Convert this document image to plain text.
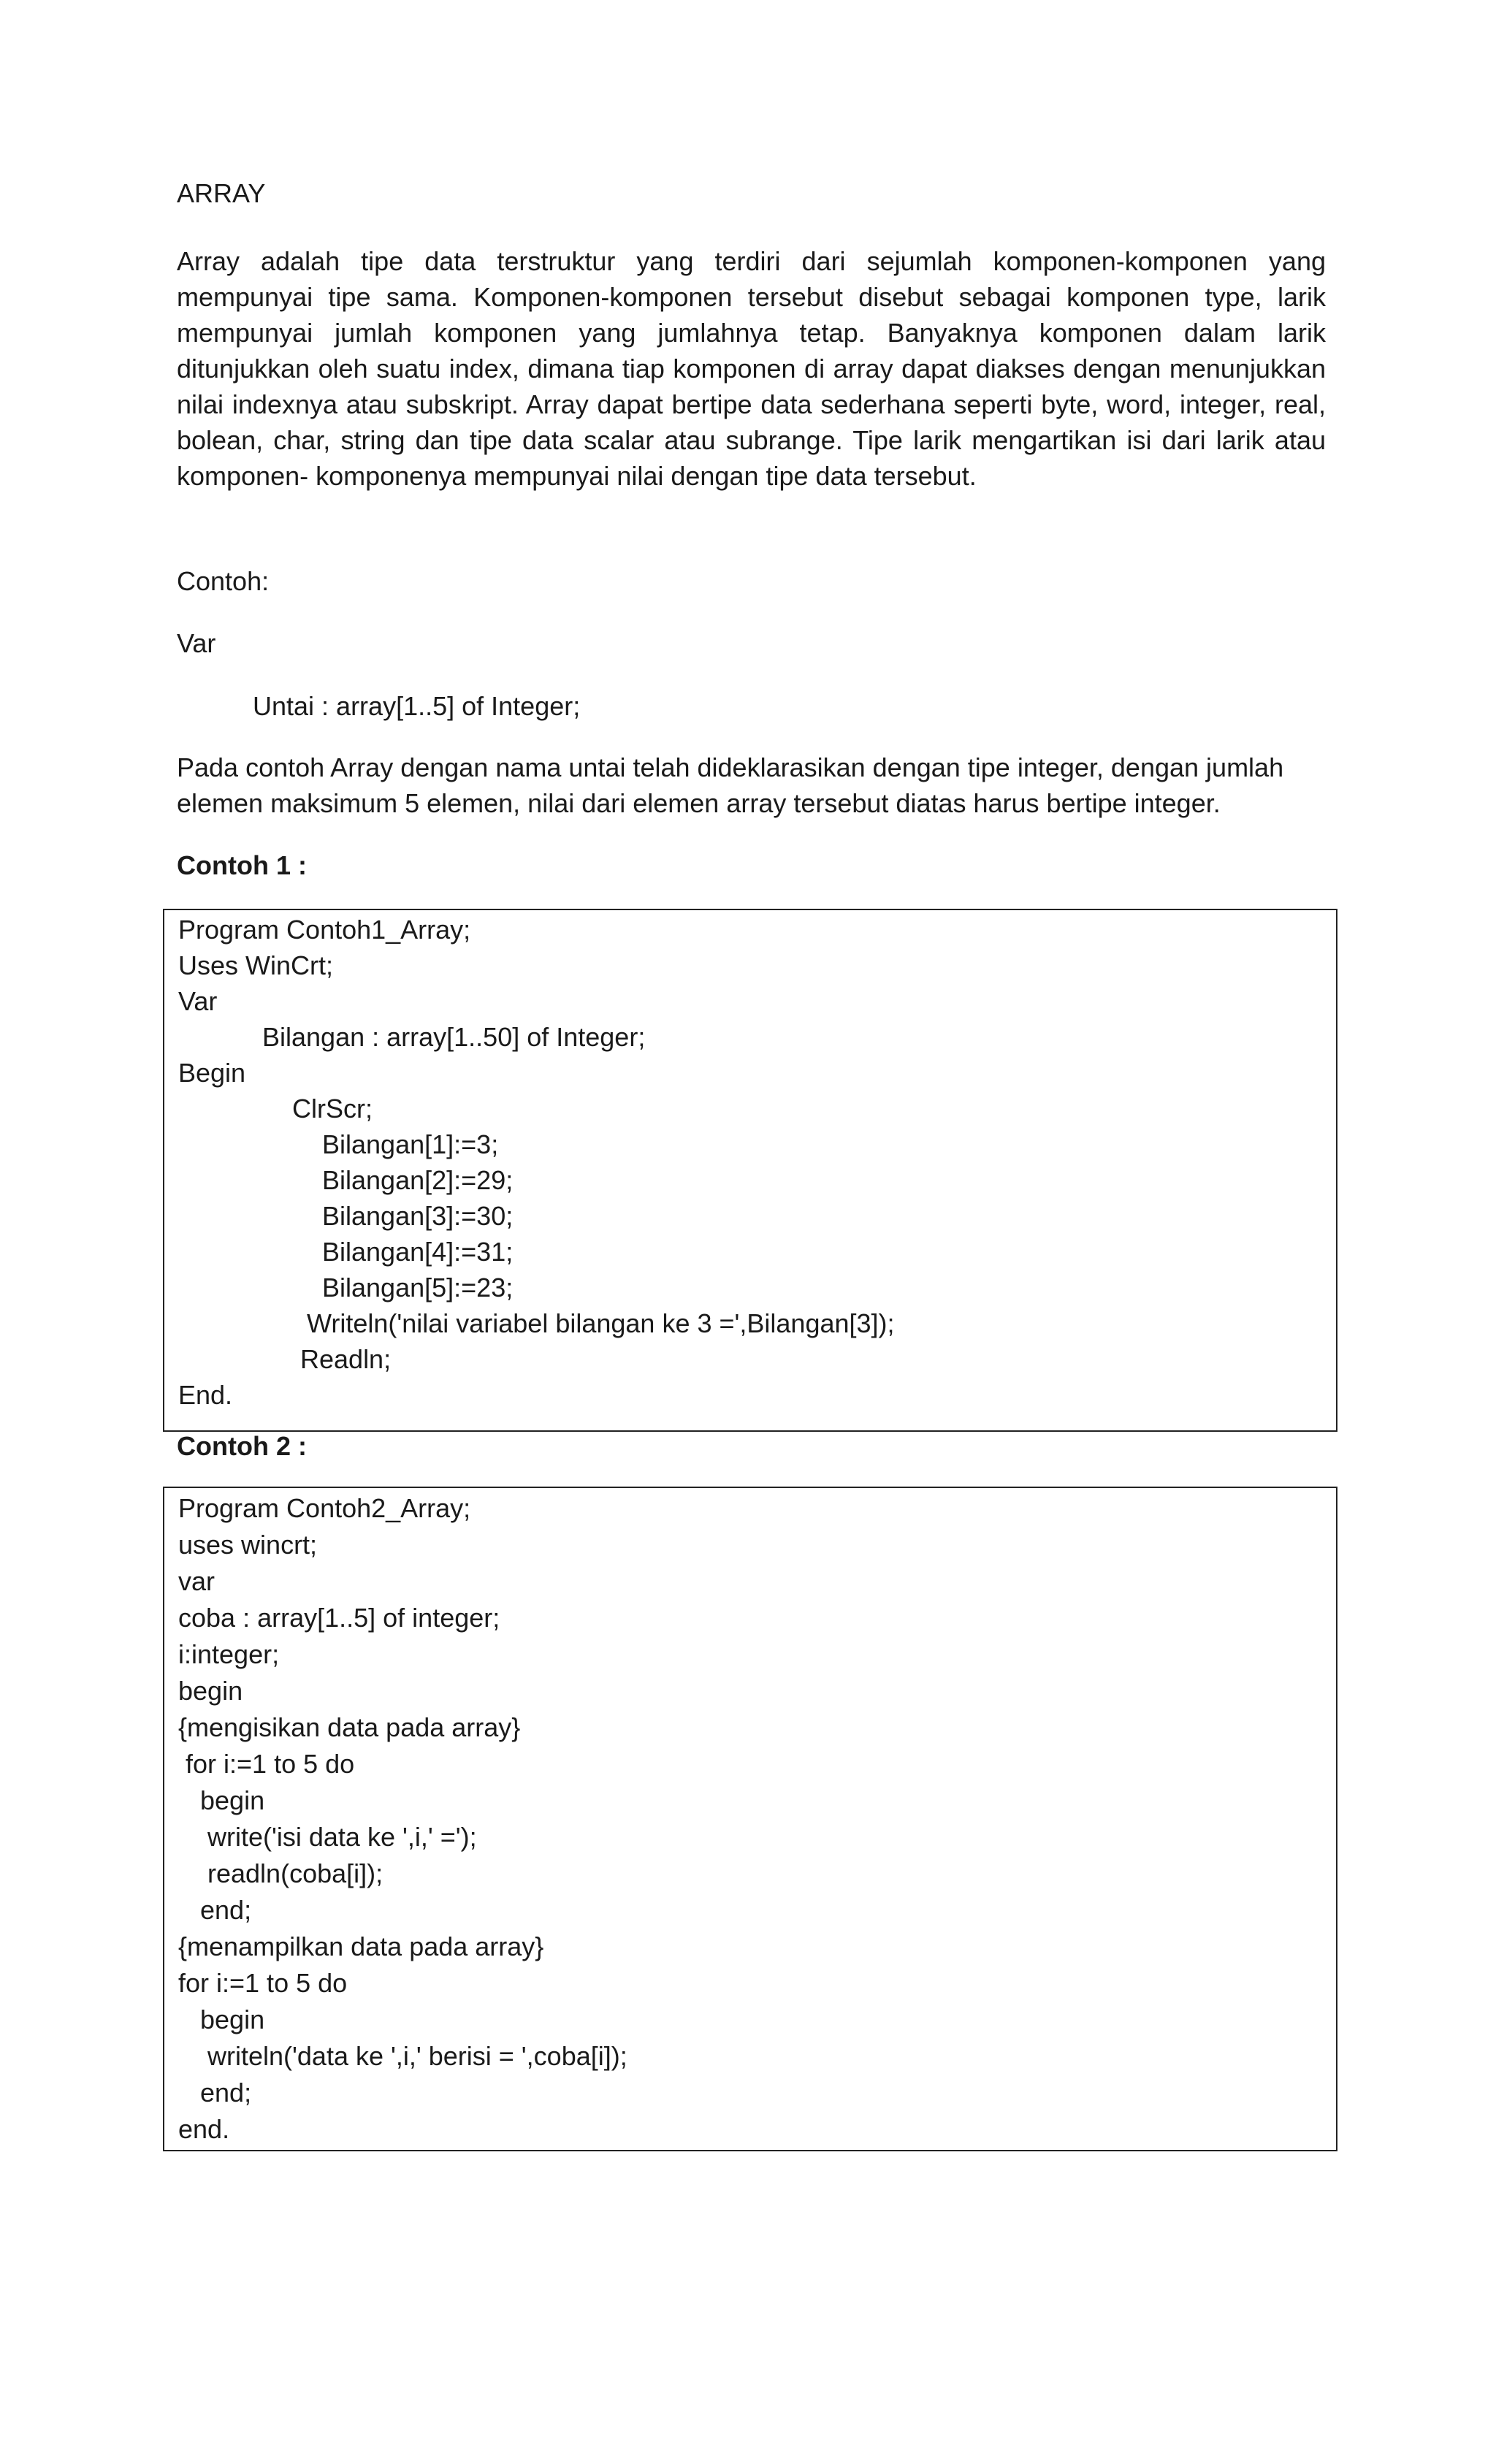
ARRAY

Array adalah tipe data terstruktur yang terdiri dari sejumlah komponen-komponen yang mempunyai tipe sama. Komponen-komponen tersebut disebut sebagai komponen type, larik mempunyai jumlah komponen yang jumlahnya tetap. Banyaknya komponen dalam larik ditunjukkan oleh suatu index, dimana tiap komponen di array dapat diakses dengan menunjukkan nilai indexnya atau subskript. Array dapat bertipe data sederhana seperti byte, word, integer, real, bolean, char, string dan tipe data scalar atau subrange. Tipe larik mengartikan isi dari larik atau komponen- komponenya mempunyai nilai dengan tipe data tersebut.

Contoh:
Var
Untai : array[1..5] of Integer;
Pada contoh Array dengan nama untai telah dideklarasikan dengan tipe integer, dengan jumlah
elemen maksimum 5 elemen, nilai dari elemen array tersebut diatas harus bertipe integer.
Contoh 1 :
Program Contoh1_Array;
Uses WinCrt;
Var
Bilangan : array[1..50] of Integer;
Begin
ClrScr;
Bilangan[1]:=3;
Bilangan[2]:=29;
Bilangan[3]:=30;
Bilangan[4]:=31;
Bilangan[5]:=23;
Writeln('nilai variabel bilangan ke 3 =',Bilangan[3]);
Readln;
End.
Contoh 2 :
Program Contoh2_Array;
uses wincrt;
var
coba : array[1..5] of integer;
i:integer;
begin
{mengisikan data pada array}
for i:=1 to 5 do
begin
write('isi data ke ',i,' =');
readln(coba[i]);
end;
{menampilkan data pada array}
for i:=1 to 5 do
begin
writeln('data ke ',i,' berisi = ',coba[i]);
end;
end.
